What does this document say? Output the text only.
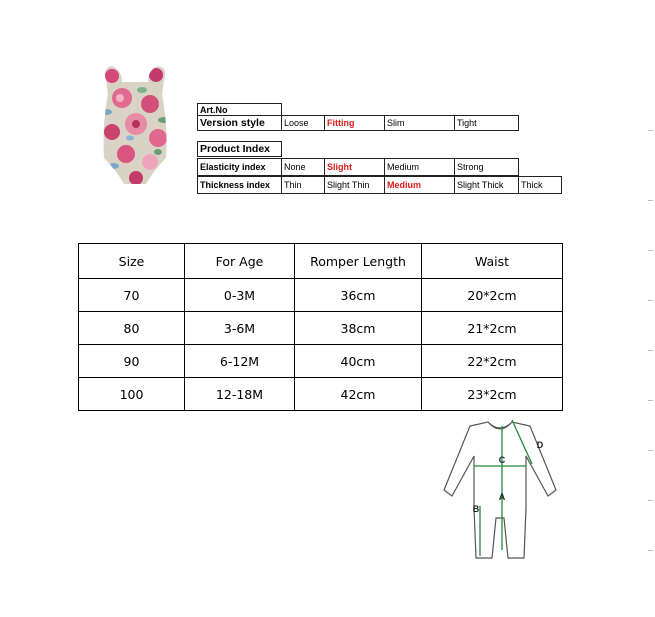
Art.No
Version style	Loose	Fitting	Slim	Tight
Product Index
Elasticity index	None	Slight	Medium	Strong
Thickness index	Thin	Slight Thin	Medium	Slight Thick	Thick
Size	For Age	Romper Length	Waist
70	0-3M	36cm	20*2cm
80	3-6M	38cm	21*2cm
90	6-12M	40cm	22*2cm
100	12-18M	42cm	23*2cm
A
B
C
D
